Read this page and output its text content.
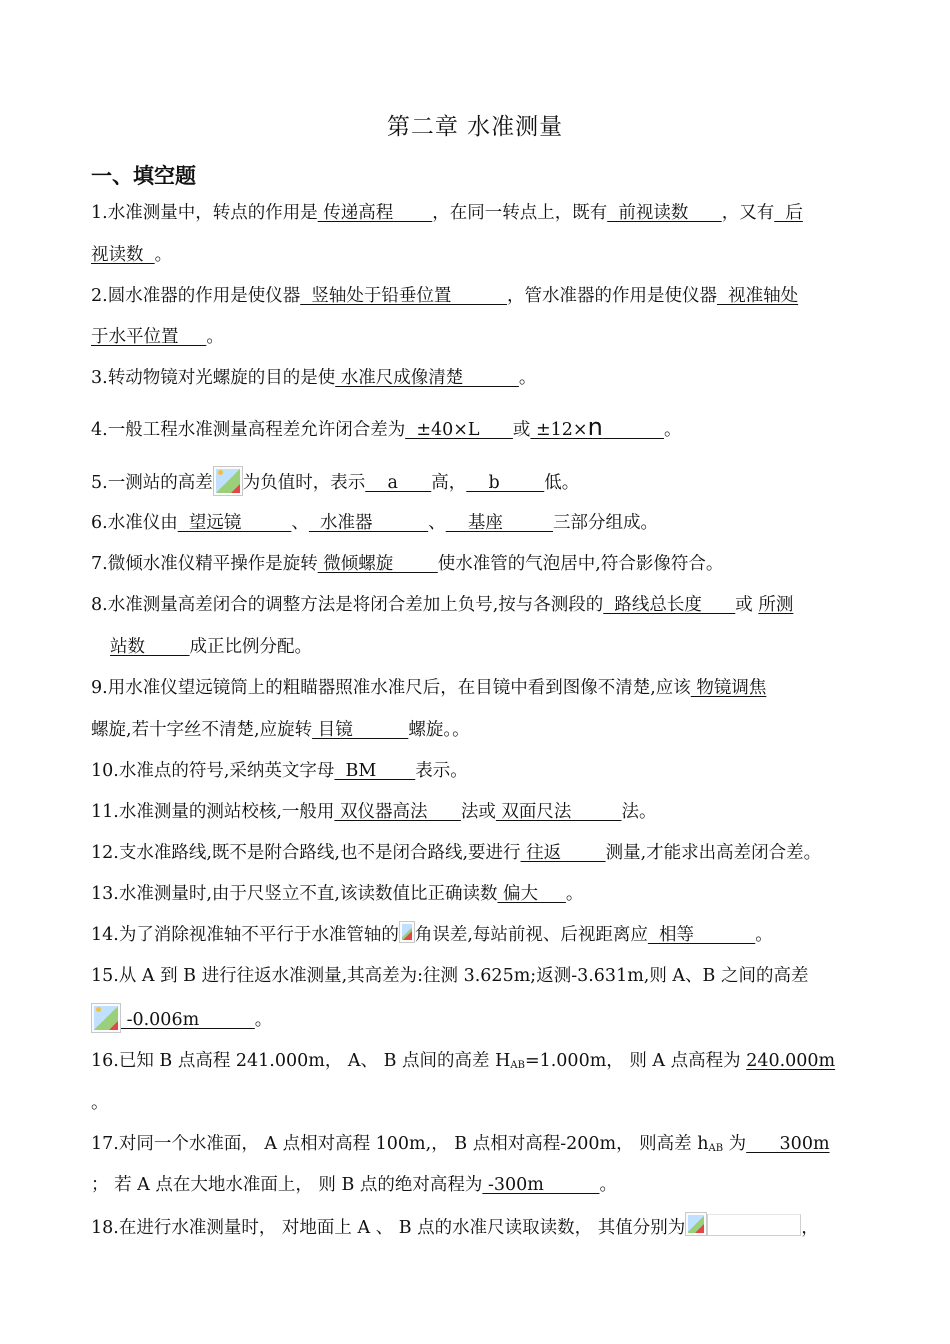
第二章 水准测量
一、填空题
1.水准测量中，转点的作用是 传递高程       ，在同一转点上，既有  前视读数      ，又有  后
视读数  。
2.圆水准器的作用是使仪器  竖轴处于铅垂位置          ，管水准器的作用是使仪器  视准轴处
于水平位置     。
3.转动物镜对光螺旋的目的是使 水准尺成像清楚          。
4.一般工程水准测量高程差允许闭合差为  ±40×L      或 ±12×n	。
5.一测站的高差 为负值时，表示    a      高，    b        低。
6.水准仪由  望远镜         、  水准器          、    基座         三部分组成。
7.微倾水准仪精平操作是旋转 微倾螺旋        使水准管的气泡居中,符合影像符合。
8.水准测量高差闭合的调整方法是将闭合差加上负号,按与各测段的  路线总长度      或 所测
站数        成正比例分配。
9.用水准仪望远镜筒上的粗瞄器照准水准尺后，在目镜中看到图像不清楚,应该 物镜调焦
螺旋,若十字丝不清楚,应旋转 目镜          螺旋。。
10.水准点的符号,采纳英文字母  BM       表示。
11.水准测量的测站校核,一般用 双仪器高法      法或 双面尺法         法。
12.支水准路线,既不是附合路线,也不是闭合路线,要进行 往返        测量,才能求出高差闭合差。
13.水准测量时,由于尺竖立不直,该读数值比正确读数 偏大     。
14.为了消除视准轴不平行于水准管轴的 角误差,每站前视、后视距离应  相等           。
15.从 A 到 B 进行往返水准测量,其高差为:往测 3.625m;返测-3.631m,则 A、B 之间的高差
-0.006m          。
16.已知 B 点高程 241.000m， A、 B 点间的高差 $H_{AB}=1.000m$， 则 A 点高程为 240.000m
。
17.对同一个水准面， A 点相对高程 100m,， B 点相对高程-200m， 则高差 $h_{AB}$ 为      300m
； 若 A 点在大地水准面上， 则 B 点的绝对高程为 -300m          。
18.在进行水准测量时， 对地面上 A 、 B 点的水准尺读取读数， 其值分别为	，
